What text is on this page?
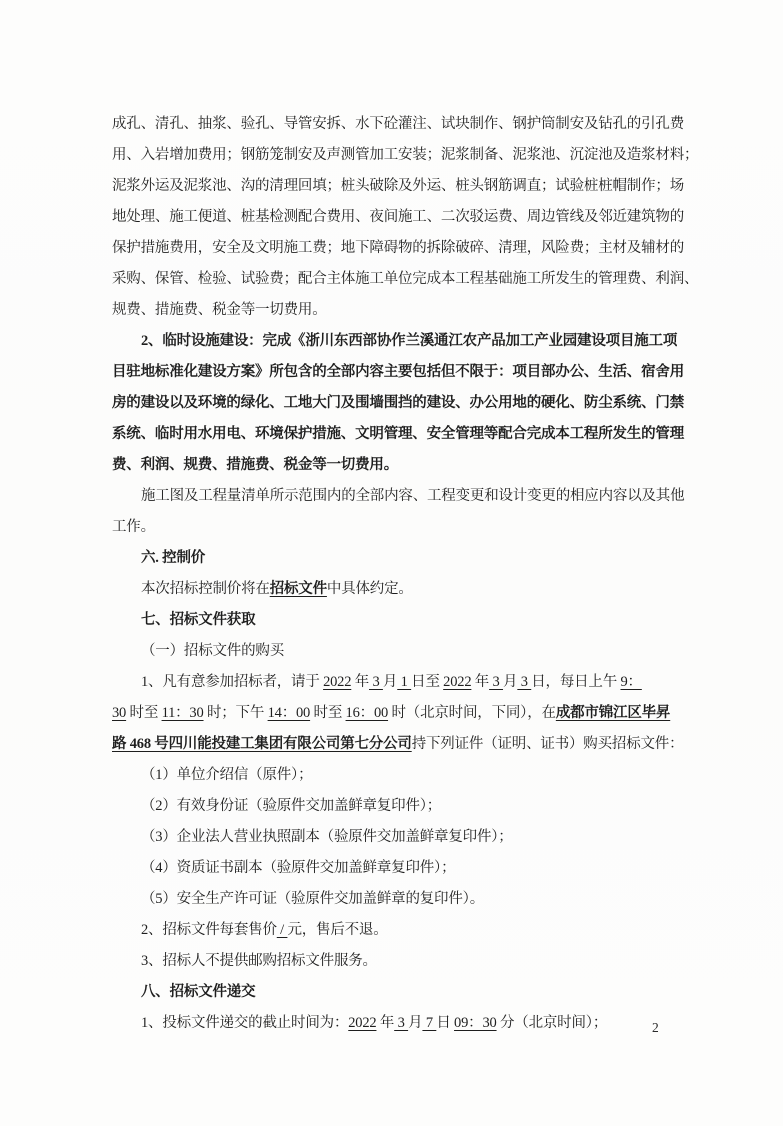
成孔、清孔、抽浆、验孔、导管安拆、水下砼灌注、试块制作、钢护筒制安及钻孔的引孔费
用、入岩增加费用；钢筋笼制安及声测管加工安装；泥浆制备、泥浆池、沉淀池及造浆材料；
泥浆外运及泥浆池、沟的清理回填；桩头破除及外运、桩头钢筋调直；试验桩桩帽制作；场
地处理、施工便道、桩基检测配合费用、夜间施工、二次驳运费、周边管线及邻近建筑物的
保护措施费用，安全及文明施工费；地下障碍物的拆除破碎、清理，风险费；主材及辅材的
采购、保管、检验、试验费；配合主体施工单位完成本工程基础施工所发生的管理费、利润、
规费、措施费、税金等一切费用。
2、临时设施建设：完成《浙川东西部协作兰溪通江农产品加工产业园建设项目施工项
目驻地标准化建设方案》所包含的全部内容主要包括但不限于：项目部办公、生活、宿舍用
房的建设以及环境的绿化、工地大门及围墙围挡的建设、办公用地的硬化、防尘系统、门禁
系统、临时用水用电、环境保护措施、文明管理、安全管理等配合完成本工程所发生的管理
费、利润、规费、措施费、税金等一切费用。
施工图及工程量清单所示范围内的全部内容、工程变更和设计变更的相应内容以及其他
工作。
六. 控制价
本次招标控制价将在招标文件中具体约定。
七、招标文件获取
（一）招标文件的购买
1、凡有意参加招标者，请于 2022 年 3 月 1 日至 2022 年 3 月 3 日，每日上午 9：
30 时至 11：30 时；下午 14：00 时至 16：00 时（北京时间，下同），在成都市锦江区毕昇
路 468 号四川能投建工集团有限公司第七分公司持下列证件（证明、证书）购买招标文件：
（1）单位介绍信（原件）；
（2）有效身份证（验原件交加盖鲜章复印件）；
（3）企业法人营业执照副本（验原件交加盖鲜章复印件）；
（4）资质证书副本（验原件交加盖鲜章复印件）；
（5）安全生产许可证（验原件交加盖鲜章的复印件）。
2、招标文件每套售价 / 元，售后不退。
3、招标人不提供邮购招标文件服务。
八、招标文件递交
1、投标文件递交的截止时间为：2022 年 3 月 7 日 09：30 分（北京时间）；	2
